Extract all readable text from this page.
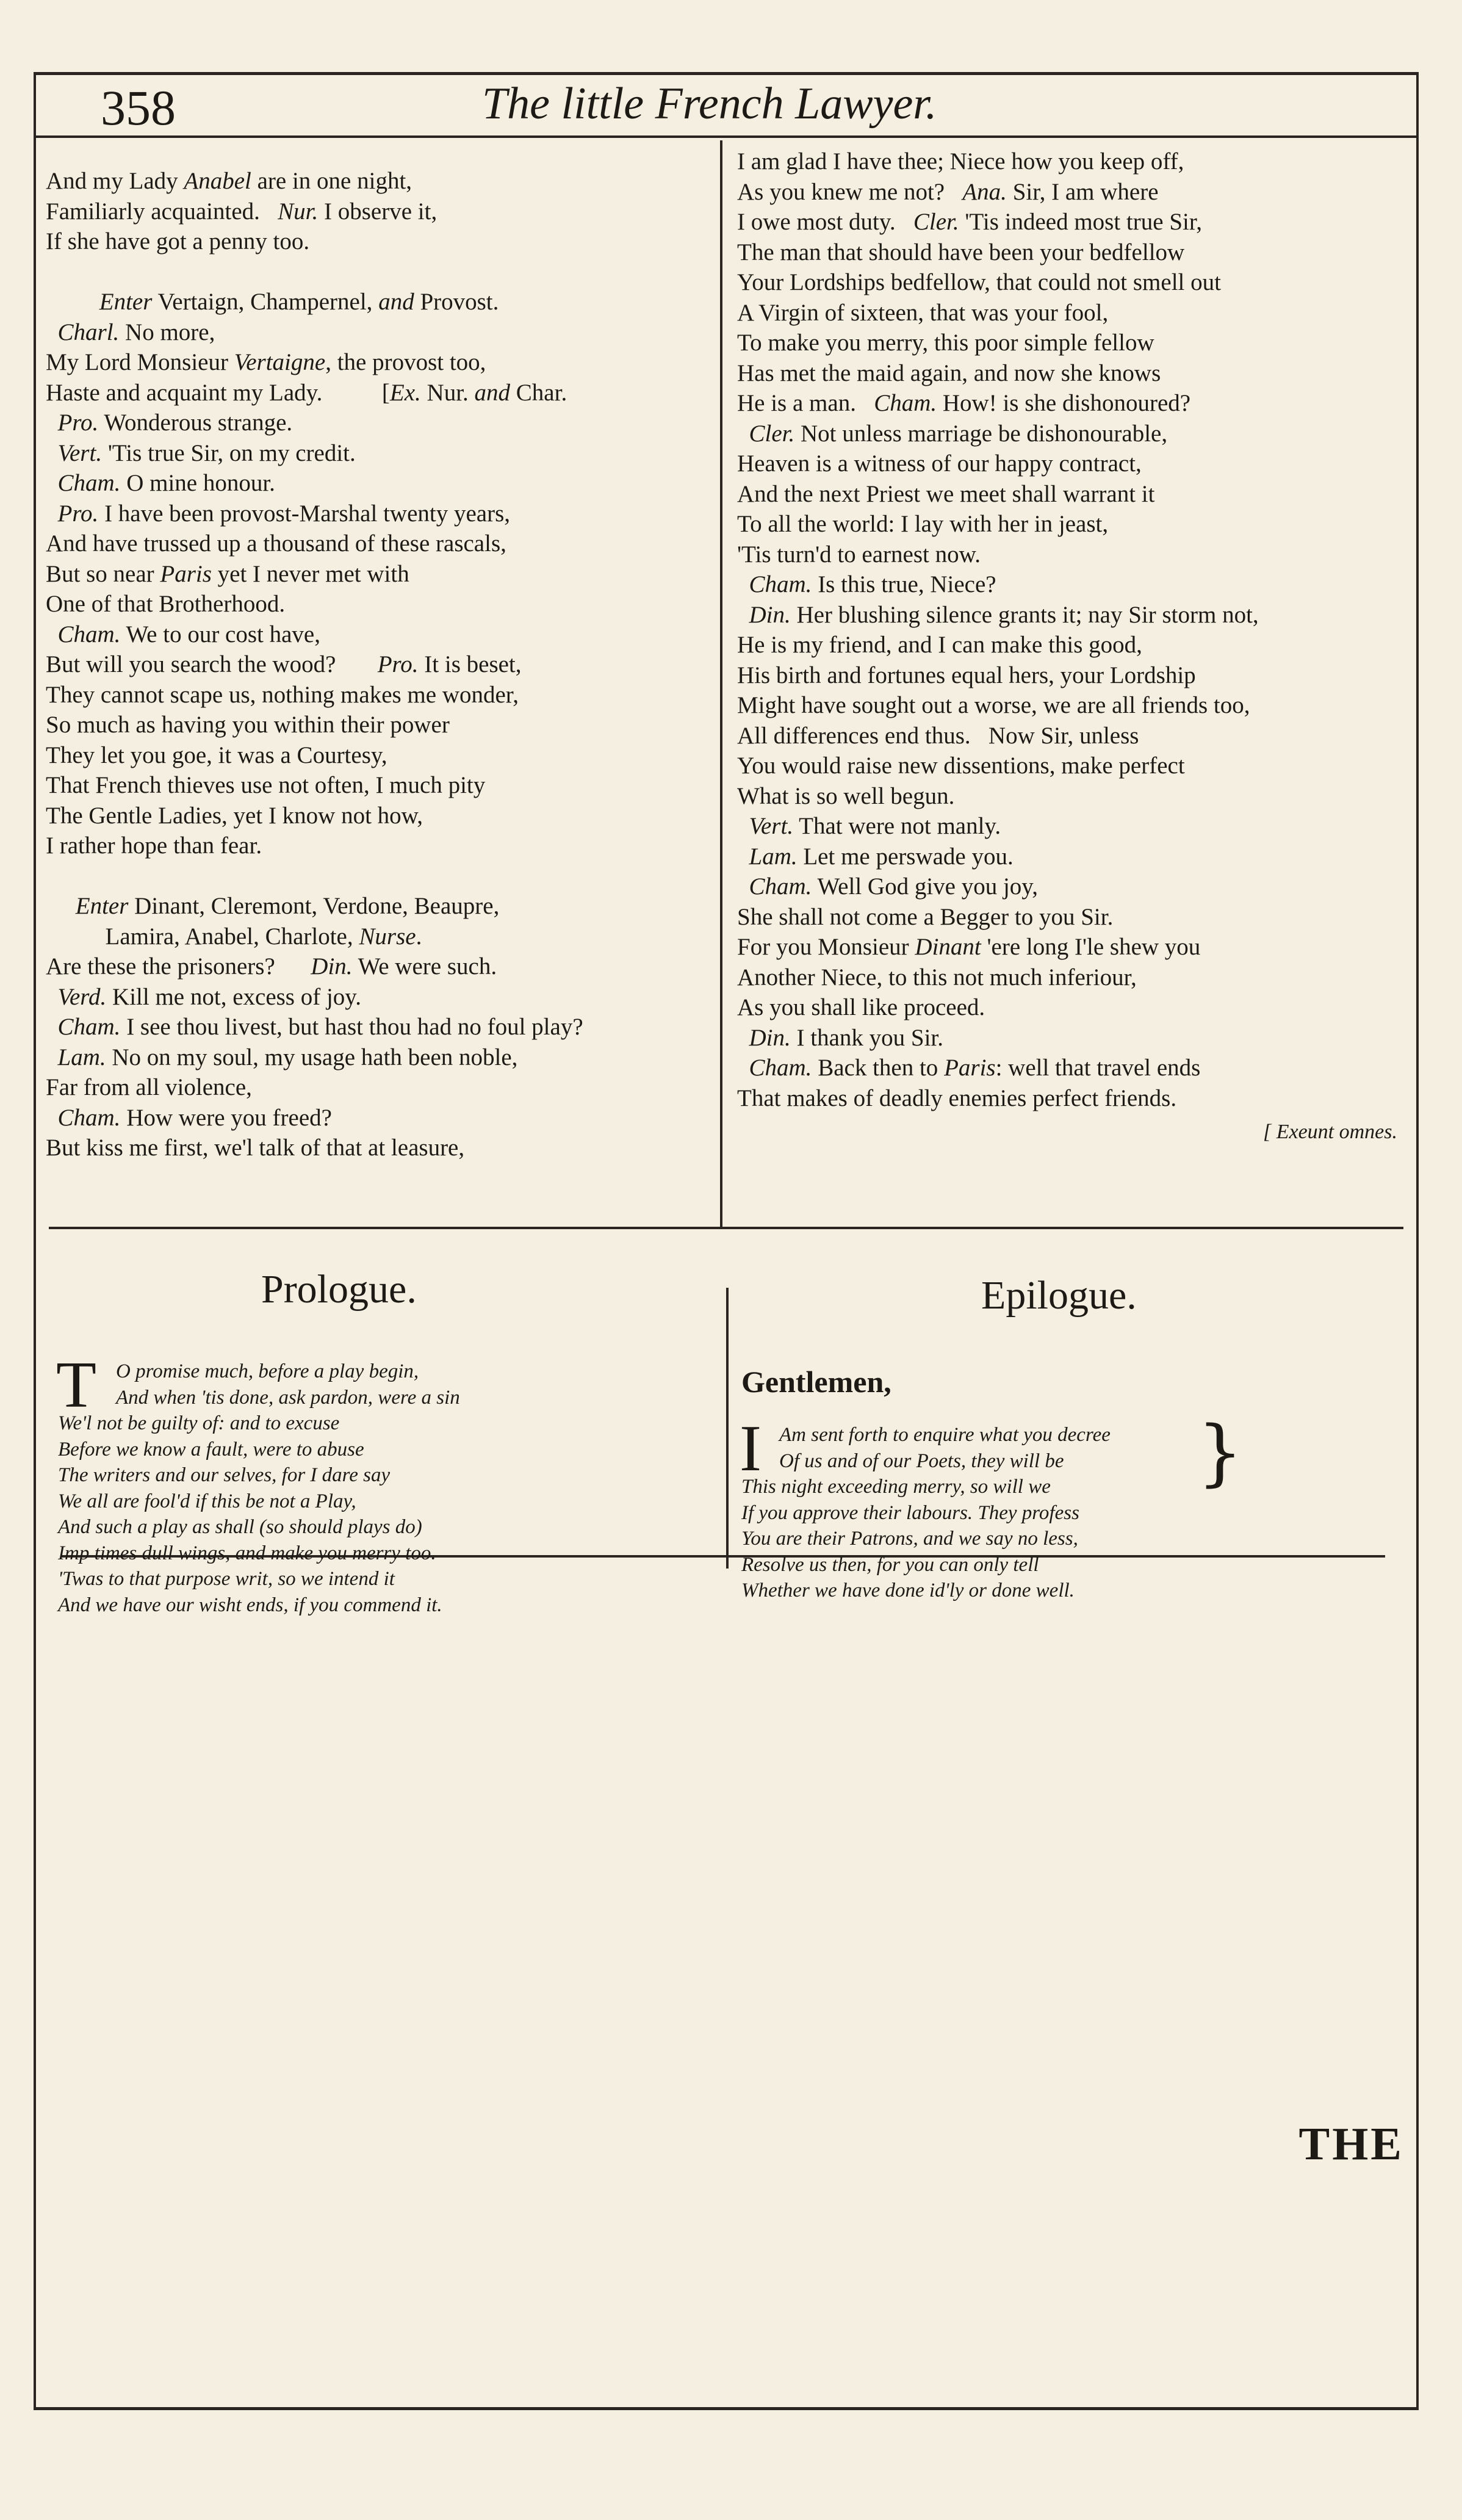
358	The little French Lawyer.
And my Lady Anabel are in one night,
Familiarly acquainted.   Nur. I observe it,
If she have got a penny too.
Enter Vertaign, Champernel, and Provost.
Charl. No more,
My Lord Monsieur Vertaigne, the provost too,
Haste and acquaint my Lady.          [Ex. Nur. and Char.
Pro. Wonderous strange.
Vert. 'Tis true Sir, on my credit.
Cham. O mine honour.
Pro. I have been provost-Marshal twenty years,
And have trussed up a thousand of these rascals,
But so near Paris yet I never met with
One of that Brotherhood.
Cham. We to our cost have,
But will you search the wood?       Pro. It is beset,
They cannot scape us, nothing makes me wonder,
So much as having you within their power
They let you goe, it was a Courtesy,
That French thieves use not often, I much pity
The Gentle Ladies, yet I know not how,
I rather hope than fear.
Enter Dinant, Cleremont, Verdone, Beaupre,
Lamira, Anabel, Charlote, Nurse.
Are these the prisoners?      Din. We were such.
Verd. Kill me not, excess of joy.
Cham. I see thou livest, but hast thou had no foul play?
Lam. No on my soul, my usage hath been noble,
Far from all violence,
Cham. How were you freed?
But kiss me first, we'l talk of that at leasure,
I am glad I have thee; Niece how you keep off,
As you knew me not?   Ana. Sir, I am where
I owe most duty.   Cler. 'Tis indeed most true Sir,
The man that should have been your bedfellow
Your Lordships bedfellow, that could not smell out
A Virgin of sixteen, that was your fool,
To make you merry, this poor simple fellow
Has met the maid again, and now she knows
He is a man.   Cham. How! is she dishonoured?
Cler. Not unless marriage be dishonourable,
Heaven is a witness of our happy contract,
And the next Priest we meet shall warrant it
To all the world: I lay with her in jeast,
'Tis turn'd to earnest now.
Cham. Is this true, Niece?
Din. Her blushing silence grants it; nay Sir storm not,
He is my friend, and I can make this good,
His birth and fortunes equal hers, your Lordship
Might have sought out a worse, we are all friends too,
All differences end thus.   Now Sir, unless
You would raise new dissentions, make perfect
What is so well begun.
Vert. That were not manly.
Lam. Let me perswade you.
Cham. Well God give you joy,
She shall not come a Begger to you Sir.
For you Monsieur Dinant 'ere long I'le shew you
Another Niece, to this not much inferiour,
As you shall like proceed.
Din. I thank you Sir.
Cham. Back then to Paris: well that travel ends
That makes of deadly enemies perfect friends.
[ Exeunt omnes.
Prologue.
T O promise much, before a play begin,
And when 'tis done, ask pardon, were a sin
We'l not be guilty of: and to excuse
Before we know a fault, were to abuse
The writers and our selves, for I dare say
We all are fool'd if this be not a Play,
And such a play as shall (so should plays do)
Imp times dull wings, and make you merry too.
'Twas to that purpose writ, so we intend it
And we have our wisht ends, if you commend it.
Epilogue.
Gentlemen,
I Am sent forth to enquire what you decree
Of us and of our Poets, they will be
This night exceeding merry, so will we
If you approve their labours. They profess
You are their Patrons, and we say no less,
Resolve us then, for you can only tell
Whether we have done id'ly or done well.
}
THE
